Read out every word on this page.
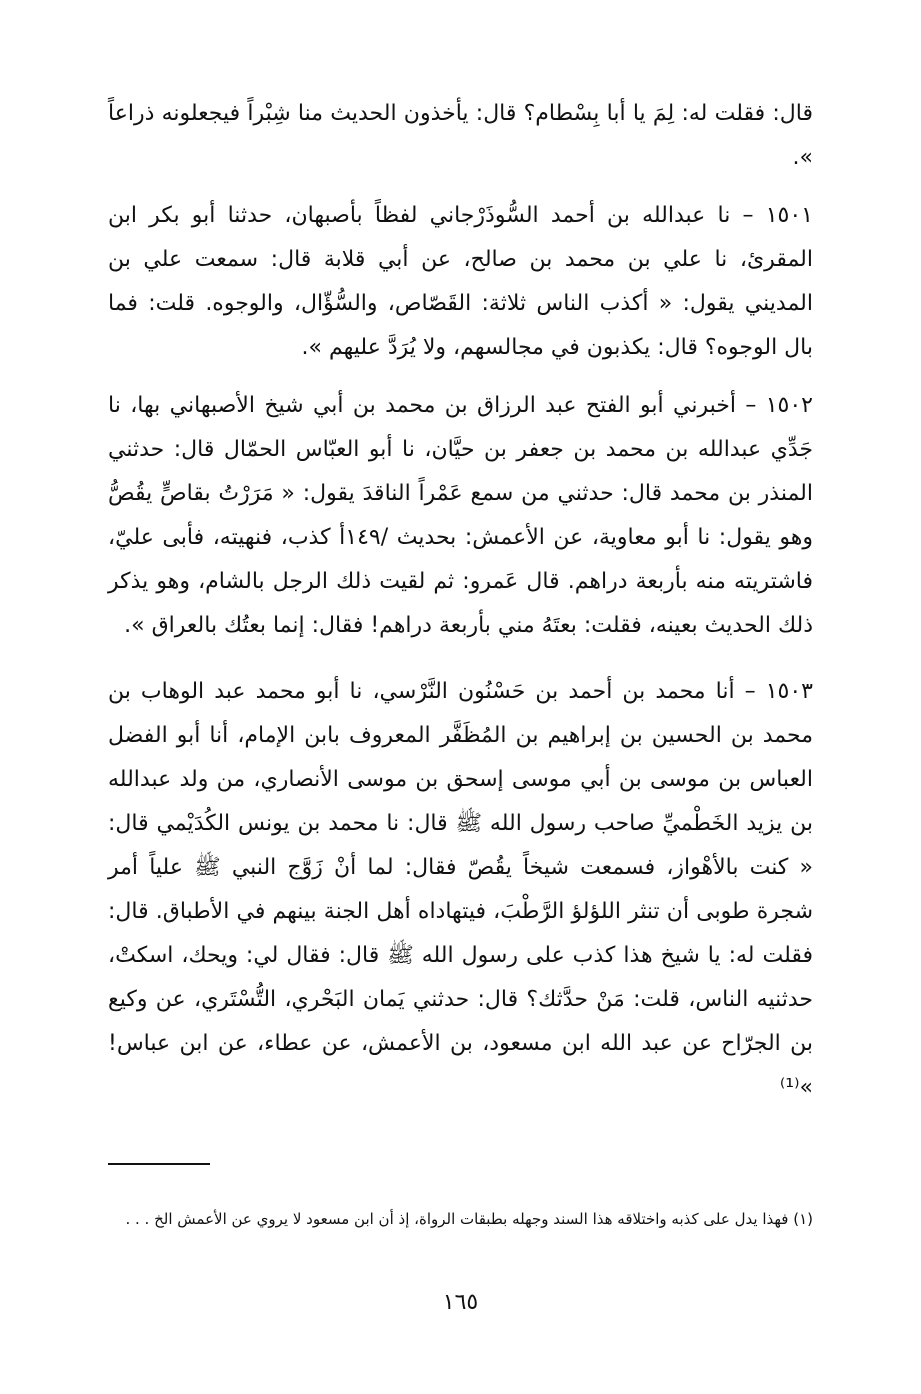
قال: فقلت له: لِمَ يا أبا بِسْطام؟ قال: يأخذون الحديث منا شِبْراً فيجعلونه ذراعاً ».

١٥٠١ – نا عبدالله بن أحمد السُّوذَرْجاني لفظاً بأصبهان، حدثنا أبو بكر ابن المقرئ، نا علي بن محمد بن صالح، عن أبي قلابة قال: سمعت علي بن المديني يقول: « أكذب الناس ثلاثة: القَصّاص، والسُّؤّال، والوجوه. قلت: فما بال الوجوه؟ قال: يكذبون في مجالسهم، ولا يُرَدَّ عليهم ».

١٥٠٢ – أخبرني أبو الفتح عبد الرزاق بن محمد بن أبي شيخ الأصبهاني بها، نا جَدِّي عبدالله بن محمد بن جعفر بن حيَّان، نا أبو العبّاس الحمّال قال: حدثني المنذر بن محمد قال: حدثني من سمع عَمْراً الناقدَ يقول: « مَرَرْتُ بقاصٍّ يقُصُّ وهو يقول: نا أبو معاوية، عن الأعمش: بحديث /١٤٩أ كذب، فنهيته، فأبى عليّ، فاشتريته منه بأربعة دراهم. قال عَمرو: ثم لقيت ذلك الرجل بالشام، وهو يذكر ذلك الحديث بعينه، فقلت: بعتَهُ مني بأربعة دراهم! فقال: إنما بعتُك بالعراق ».

١٥٠٣ – أنا محمد بن أحمد بن حَسْنُون النَّرْسي، نا أبو محمد عبد الوهاب بن محمد بن الحسين بن إبراهيم بن المُظَفَّر المعروف بابن الإمام، أنا أبو الفضل العباس بن موسى بن أبي موسى إسحق بن موسى الأنصاري، من ولد عبدالله بن يزيد الخَطْميِّ صاحب رسول الله ﷺ قال: نا محمد بن يونس الكُدَيْمي قال: « كنت بالأهْواز، فسمعت شيخاً يقُصّ فقال: لما أنْ زَوَّج النبي ﷺ علياً أمر شجرة طوبى أن تنثر اللؤلؤ الرَّطْبَ، فيتهاداه أهل الجنة بينهم في الأطباق. قال: فقلت له: يا شيخ هذا كذب على رسول الله ﷺ قال: فقال لي: ويحك، اسكتْ، حدثنيه الناس، قلت: مَنْ حدَّثك؟ قال: حدثني يَمان البَحْري، التُّسْتَري، عن وكيع بن الجرّاح عن عبد الله ابن مسعود، بن الأعمش، عن عطاء، عن ابن عباس! »⁽¹⁾

(١) فهذا يدل على كذبه واختلاقه هذا السند وجهله بطبقات الرواة، إذ أن ابن مسعود لا يروي عن الأعمش الخ . . .

١٦٥
